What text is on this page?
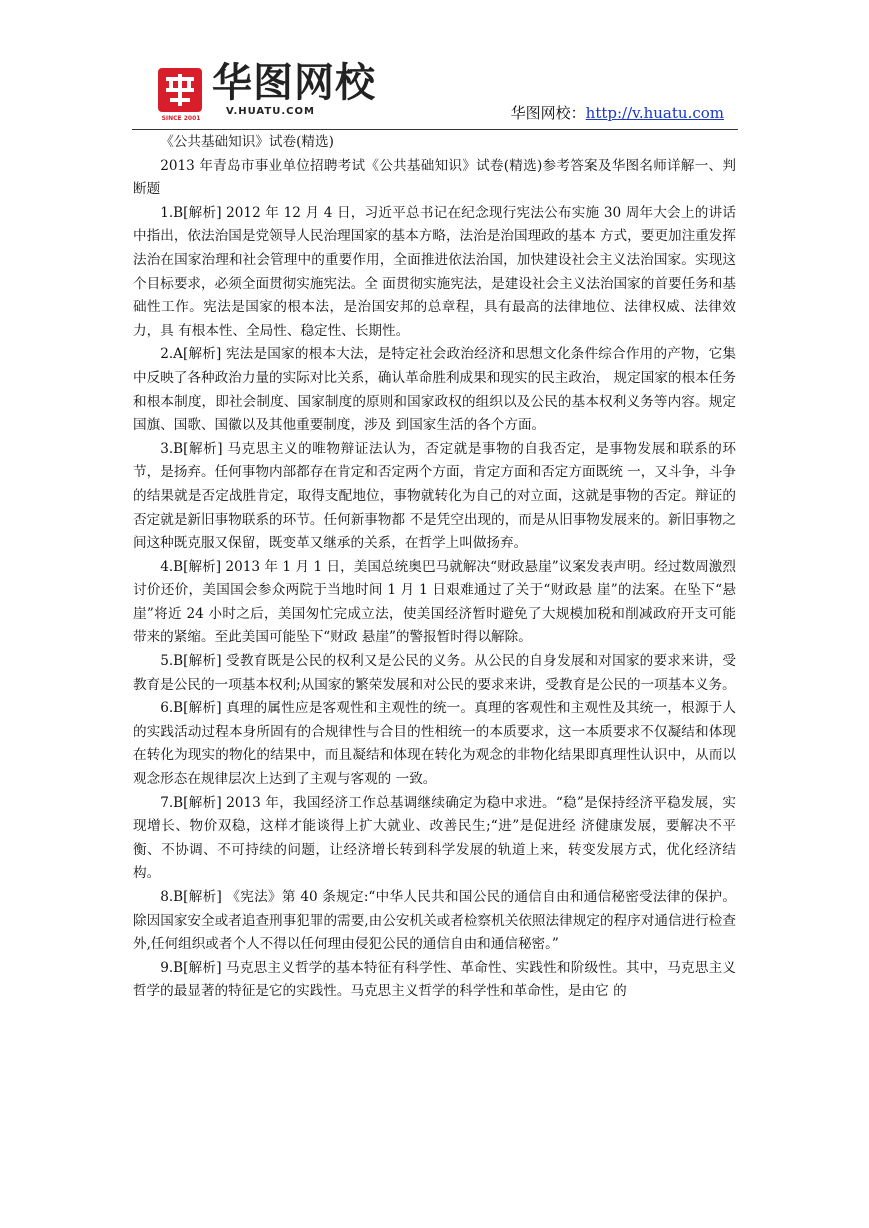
SINCE 2001
华图网校
V.HUATU.COM	华图网校：http://v.huatu.com

《公共基础知识》试卷(精选)

2013 年青岛市事业单位招聘考试《公共基础知识》试卷(精选)参考答案及华图名师详解一、判断题

1.B[解析] 2012 年 12 月 4 日，习近平总书记在纪念现行宪法公布实施 30 周年大会上的讲话中指出，依法治国是党领导人民治理国家的基本方略，法治是治国理政的基本 方式，要更加注重发挥法治在国家治理和社会管理中的重要作用，全面推进依法治国，加快建设社会主义法治国家。实现这个目标要求，必须全面贯彻实施宪法。全 面贯彻实施宪法，是建设社会主义法治国家的首要任务和基础性工作。宪法是国家的根本法，是治国安邦的总章程，具有最高的法律地位、法律权威、法律效力，具 有根本性、全局性、稳定性、长期性。

2.A[解析] 宪法是国家的根本大法，是特定社会政治经济和思想文化条件综合作用的产物，它集中反映了各种政治力量的实际对比关系，确认革命胜利成果和现实的民主政治， 规定国家的根本任务和根本制度，即社会制度、国家制度的原则和国家政权的组织以及公民的基本权利义务等内容。规定国旗、国歌、国徽以及其他重要制度，涉及 到国家生活的各个方面。

3.B[解析] 马克思主义的唯物辩证法认为，否定就是事物的自我否定，是事物发展和联系的环节，是扬弃。任何事物内部都存在肯定和否定两个方面，肯定方面和否定方面既统 一，又斗争，斗争的结果就是否定战胜肯定，取得支配地位，事物就转化为自己的对立面，这就是事物的否定。辩证的否定就是新旧事物联系的环节。任何新事物都 不是凭空出现的，而是从旧事物发展来的。新旧事物之间这种既克服又保留，既变革又继承的关系，在哲学上叫做扬弃。

4.B[解析] 2013 年 1 月 1 日，美国总统奥巴马就解决“财政悬崖”议案发表声明。经过数周激烈讨价还价，美国国会参众两院于当地时间 1 月 1 日艰难通过了关于“财政悬 崖”的法案。在坠下“悬崖”将近 24 小时之后，美国匆忙完成立法，使美国经济暂时避免了大规模加税和削减政府开支可能带来的紧缩。至此美国可能坠下“财政 悬崖”的警报暂时得以解除。

5.B[解析] 受教育既是公民的权利又是公民的义务。从公民的自身发展和对国家的要求来讲，受教育是公民的一项基本权利;从国家的繁荣发展和对公民的要求来讲，受教育是公民的一项基本义务。

6.B[解析] 真理的属性应是客观性和主观性的统一。真理的客观性和主观性及其统一，根源于人的实践活动过程本身所固有的合规律性与合目的性相统一的本质要求，这一本质要求不仅凝结和体现在转化为现实的物化的结果中，而且凝结和体现在转化为观念的非物化结果即真理性认识中，从而以观念形态在规律层次上达到了主观与客观的 一致。

7.B[解析] 2013 年，我国经济工作总基调继续确定为稳中求进。“稳”是保持经济平稳发展，实现增长、物价双稳，这样才能谈得上扩大就业、改善民生;“进”是促进经 济健康发展，要解决不平衡、不协调、不可持续的问题，让经济增长转到科学发展的轨道上来，转变发展方式，优化经济结构。

8.B[解析] 《宪法》第 40 条规定:“中华人民共和国公民的通信自由和通信秘密受法律的保护。除因国家安全或者追查刑事犯罪的需要,由公安机关或者检察机关依照法律规定的程序对通信进行检查外,任何组织或者个人不得以任何理由侵犯公民的通信自由和通信秘密。”

9.B[解析] 马克思主义哲学的基本特征有科学性、革命性、实践性和阶级性。其中，马克思主义哲学的最显著的特征是它的实践性。马克思主义哲学的科学性和革命性，是由它 的
